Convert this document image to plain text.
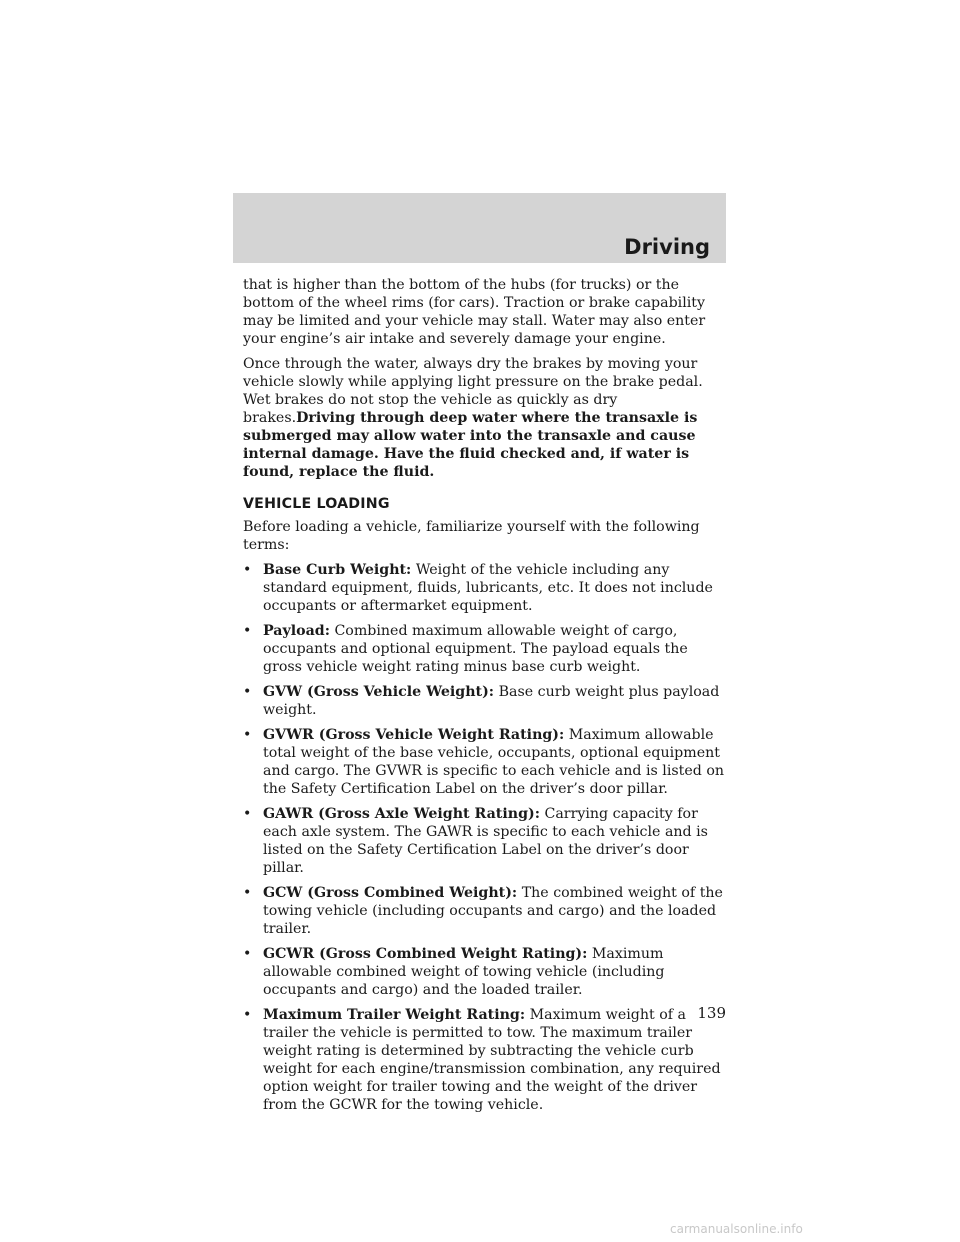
Driving

that is higher than the bottom of the hubs (for trucks) or the bottom of the wheel rims (for cars). Traction or brake capability may be limited and your vehicle may stall. Water may also enter your engine’s air intake and severely damage your engine.

Once through the water, always dry the brakes by moving your vehicle slowly while applying light pressure on the brake pedal. Wet brakes do not stop the vehicle as quickly as dry brakes.Driving through deep water where the transaxle is submerged may allow water into the transaxle and cause internal damage. Have the fluid checked and, if water is found, replace the fluid.

VEHICLE LOADING

Before loading a vehicle, familiarize yourself with the following terms:

• Base Curb Weight: Weight of the vehicle including any standard equipment, fluids, lubricants, etc. It does not include occupants or aftermarket equipment.
• Payload: Combined maximum allowable weight of cargo, occupants and optional equipment. The payload equals the gross vehicle weight rating minus base curb weight.
• GVW (Gross Vehicle Weight): Base curb weight plus payload weight.
• GVWR (Gross Vehicle Weight Rating): Maximum allowable total weight of the base vehicle, occupants, optional equipment and cargo. The GVWR is specific to each vehicle and is listed on the Safety Certification Label on the driver’s door pillar.
• GAWR (Gross Axle Weight Rating): Carrying capacity for each axle system. The GAWR is specific to each vehicle and is listed on the Safety Certification Label on the driver’s door pillar.
• GCW (Gross Combined Weight): The combined weight of the towing vehicle (including occupants and cargo) and the loaded trailer.
• GCWR (Gross Combined Weight Rating): Maximum allowable combined weight of towing vehicle (including occupants and cargo) and the loaded trailer.
• Maximum Trailer Weight Rating: Maximum weight of a trailer the vehicle is permitted to tow. The maximum trailer weight rating is determined by subtracting the vehicle curb weight for each engine/transmission combination, any required option weight for trailer towing and the weight of the driver from the GCWR for the towing vehicle.
139
carmanualsonline.info
